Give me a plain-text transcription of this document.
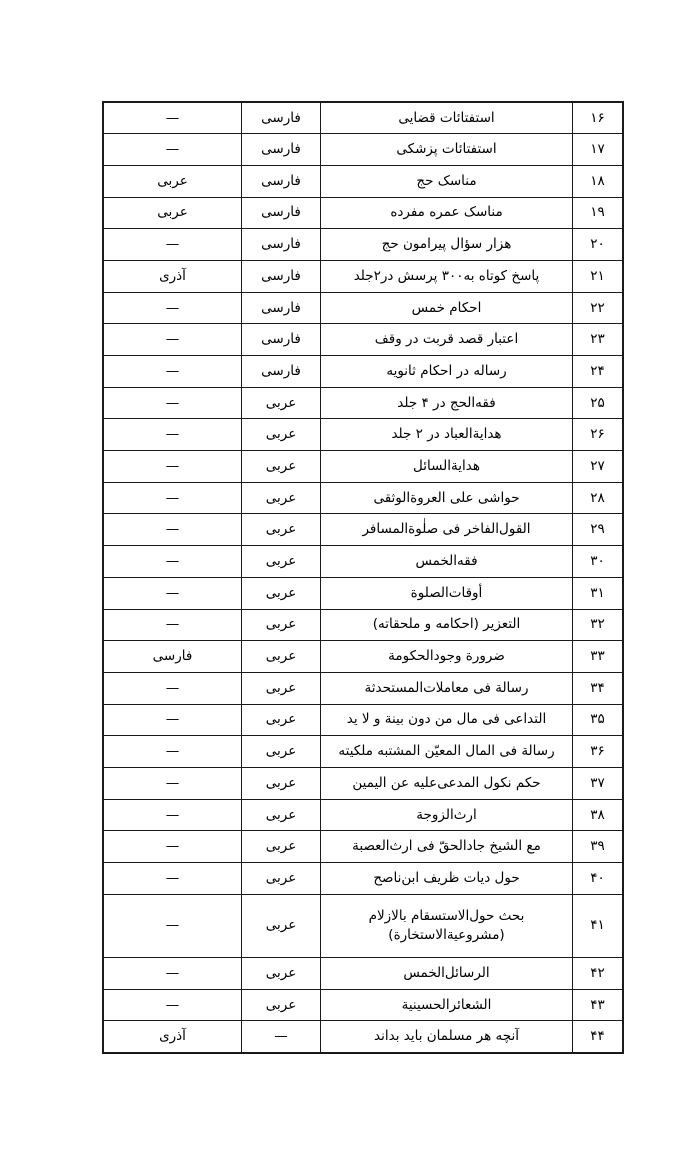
۱۶	استفتائات قضایی	فارسی	—
۱۷	استفتائات پزشکی	فارسی	—
۱۸	مناسک حج	فارسی	عربی
۱۹	مناسک عمره مفرده	فارسی	عربی
۲۰	هزار سؤال پیرامون حج	فارسی	—
۲۱	پاسخ کوتاه به۳۰۰ پرسش در۲جلد	فارسی	آذری
۲۲	احکام خمس	فارسی	—
۲۳	اعتبار قصد قربت در وقف	فارسی	—
۲۴	رساله در احکام ثانویه	فارسی	—
۲۵	فقه‌الحج در ۴ جلد	عربی	—
۲۶	هدایة‌العباد در ۲ جلد	عربی	—
۲۷	هدایة‌السائل	عربی	—
۲۸	حواشی علی العروة‌الوثقی	عربی	—
۲۹	القول‌الفاخر فی صلٰوة‌المسافر	عربی	—
۳۰	فقه‌الخمس	عربی	—
۳۱	أوقات‌الصلوة	عربی	—
۳۲	التعزیر (احکامه و ملحقاته)	عربی	—
۳۳	ضرورة وجودالحکومة	عربی	فارسی
۳۴	رسالة فی معاملات‌المستحدثة	عربی	—
۳۵	التداعی فی مال من دون بینة و لا ید	عربی	—
۳۶	رسالة فی المال المعیّن المشتبه ملکیته	عربی	—
۳۷	حکم نکول المدعی‌علیه عن الیمین	عربی	—
۳۸	ارث‌الزوجة	عربی	—
۳۹	مع الشیخ جادالحقّ فی ارث‌العصبة	عربی	—
۴۰	حول دیات ظریف ابن‌ناصح	عربی	—
۴۱	بحث حول‌الاستسقام بالازلام
(مشروعیة‌الاستخارة)	عربی	—
۴۲	الرسائل‌الخمس	عربی	—
۴۳	الشعائرالحسینیة	عربی	—
۴۴	آنچه هر مسلمان باید بداند	—	آذری
